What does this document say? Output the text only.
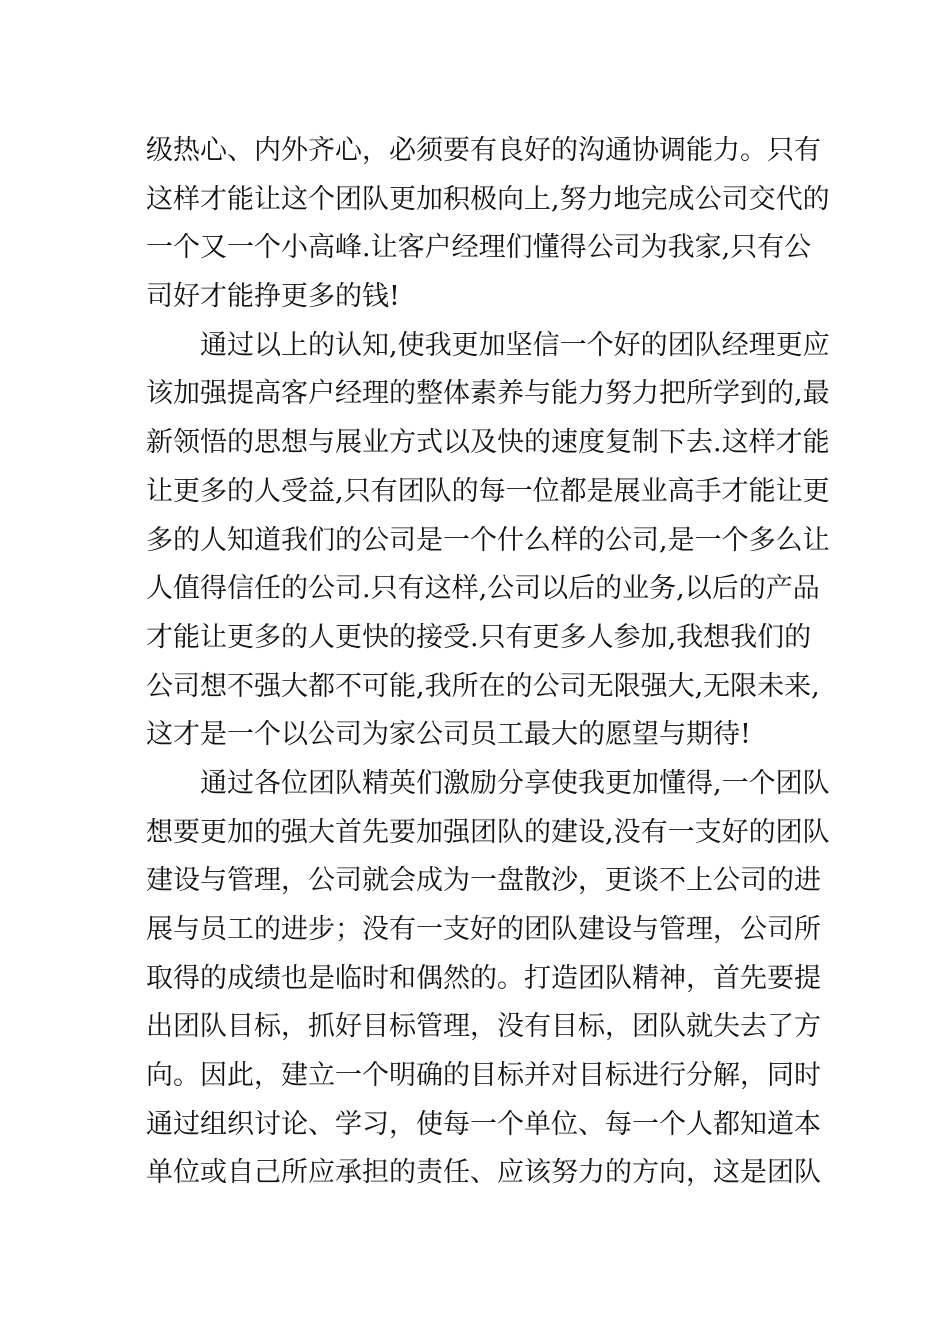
级热心、内外齐心，必须要有良好的沟通协调能力。只有
这样才能让这个团队更加积极向上,努力地完成公司交代的
一个又一个小高峰.让客户经理们懂得公司为我家,只有公
司好才能挣更多的钱!
通过以上的认知,使我更加坚信一个好的团队经理更应
该加强提高客户经理的整体素养与能力努力把所学到的,最
新领悟的思想与展业方式以及快的速度复制下去.这样才能
让更多的人受益,只有团队的每一位都是展业高手才能让更
多的人知道我们的公司是一个什么样的公司,是一个多么让
人值得信任的公司.只有这样,公司以后的业务,以后的产品
才能让更多的人更快的接受.只有更多人参加,我想我们的
公司想不强大都不可能,我所在的公司无限强大,无限未来,
这才是一个以公司为家公司员工最大的愿望与期待!
通过各位团队精英们激励分享使我更加懂得,一个团队
想要更加的强大首先要加强团队的建设,没有一支好的团队
建设与管理，公司就会成为一盘散沙，更谈不上公司的进
展与员工的进步；没有一支好的团队建设与管理，公司所
取得的成绩也是临时和偶然的。打造团队精神，首先要提
出团队目标，抓好目标管理，没有目标，团队就失去了方
向。因此，建立一个明确的目标并对目标进行分解，同时
通过组织讨论、学习，使每一个单位、每一个人都知道本
单位或自己所应承担的责任、应该努力的方向，这是团队
